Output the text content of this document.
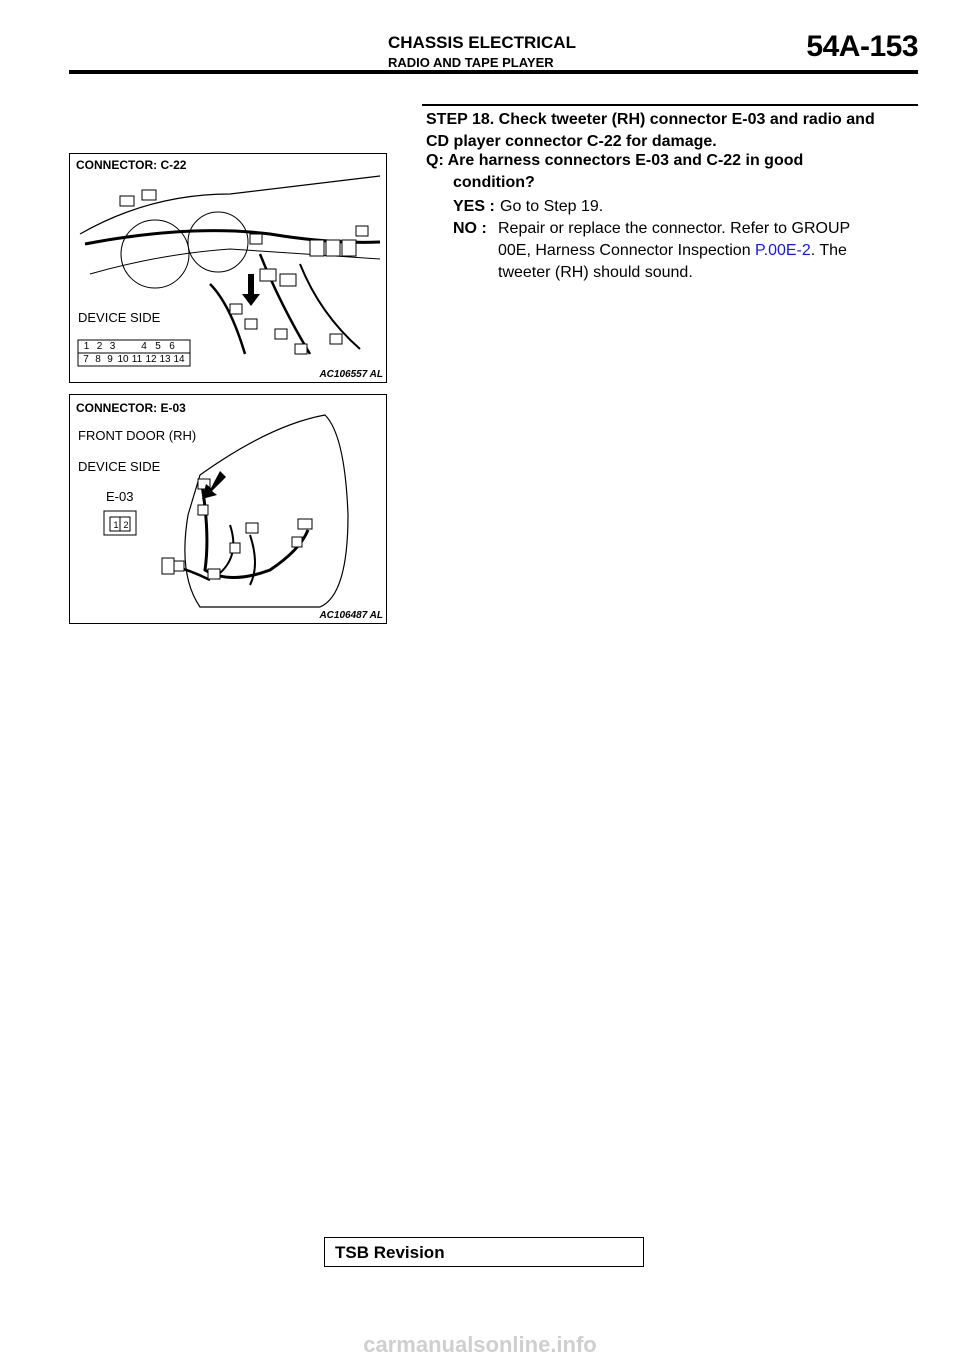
CHASSIS ELECTRICAL
RADIO AND TAPE PLAYER	54A-153
CONNECTOR: C-22
DEVICE SIDE
1 2 3	4 5 6
7 8 9 10 11 12 13 14
AC106557 AL
CONNECTOR: E-03
FRONT DOOR (RH)
DEVICE SIDE
E-03
1 2
AC106487 AL
STEP 18. Check tweeter (RH) connector E-03 and radio and
CD player connector C-22 for damage.
Q: Are harness connectors E-03 and C-22 in good
condition?
YES : Go to Step 19.
NO : Repair or replace the connector. Refer to GROUP
00E, Harness Connector Inspection P.00E-2. The
tweeter (RH) should sound.
TSB Revision
carmanualsonline.info
